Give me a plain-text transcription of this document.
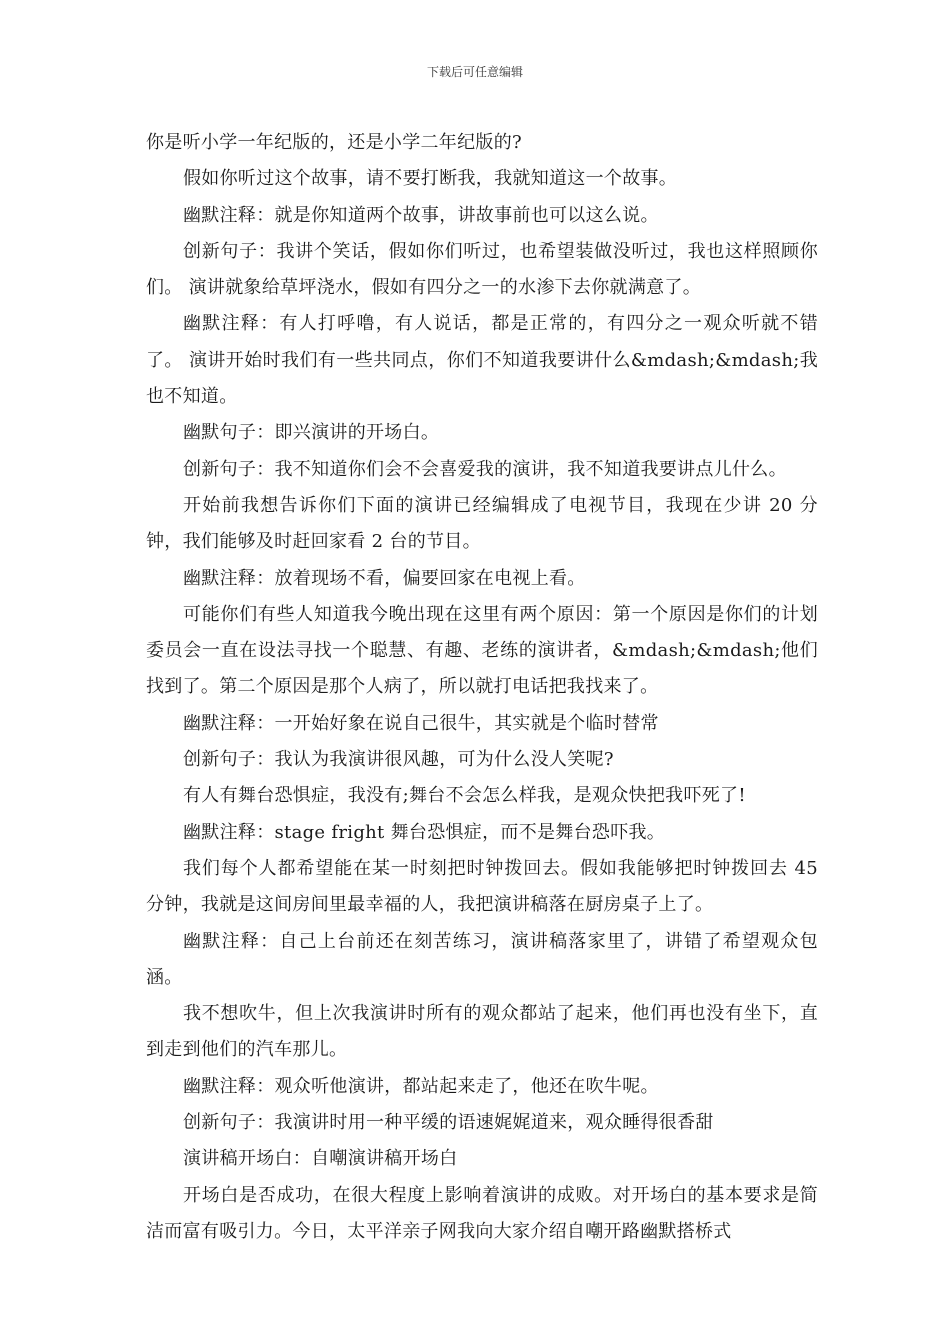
下载后可任意编辑

你是听小学一年纪版的，还是小学二年纪版的?

假如你听过这个故事，请不要打断我，我就知道这一个故事。

幽默注释：就是你知道两个故事，讲故事前也可以这么说。

创新句子：我讲个笑话，假如你们听过，也希望装做没听过，我也这样照顾你们。 演讲就象给草坪浇水，假如有四分之一的水渗下去你就满意了。

幽默注释：有人打呼噜，有人说话，都是正常的，有四分之一观众听就不错了。 演讲开始时我们有一些共同点，你们不知道我要讲什么&mdash;&mdash;我也不知道。

幽默句子：即兴演讲的开场白。

创新句子：我不知道你们会不会喜爱我的演讲，我不知道我要讲点儿什么。

开始前我想告诉你们下面的演讲已经编辑成了电视节目，我现在少讲 20 分钟，我们能够及时赶回家看 2 台的节目。

幽默注释：放着现场不看，偏要回家在电视上看。

可能你们有些人知道我今晚出现在这里有两个原因：第一个原因是你们的计划委员会一直在设法寻找一个聪慧、有趣、老练的演讲者，&mdash;&mdash;他们找到了。第二个原因是那个人病了，所以就打电话把我找来了。

幽默注释：一开始好象在说自己很牛，其实就是个临时替常

创新句子：我认为我演讲很风趣，可为什么没人笑呢?

有人有舞台恐惧症，我没有;舞台不会怎么样我，是观众快把我吓死了!

幽默注释：stage fright 舞台恐惧症，而不是舞台恐吓我。

我们每个人都希望能在某一时刻把时钟拨回去。假如我能够把时钟拨回去 45 分钟，我就是这间房间里最幸福的人，我把演讲稿落在厨房桌子上了。

幽默注释：自己上台前还在刻苦练习，演讲稿落家里了，讲错了希望观众包涵。

我不想吹牛，但上次我演讲时所有的观众都站了起来，他们再也没有坐下，直到走到他们的汽车那儿。

幽默注释：观众听他演讲，都站起来走了，他还在吹牛呢。

创新句子：我演讲时用一种平缓的语速娓娓道来，观众睡得很香甜

演讲稿开场白：自嘲演讲稿开场白

开场白是否成功，在很大程度上影响着演讲的成败。对开场白的基本要求是简洁而富有吸引力。今日，太平洋亲子网我向大家介绍自嘲开路幽默搭桥式
